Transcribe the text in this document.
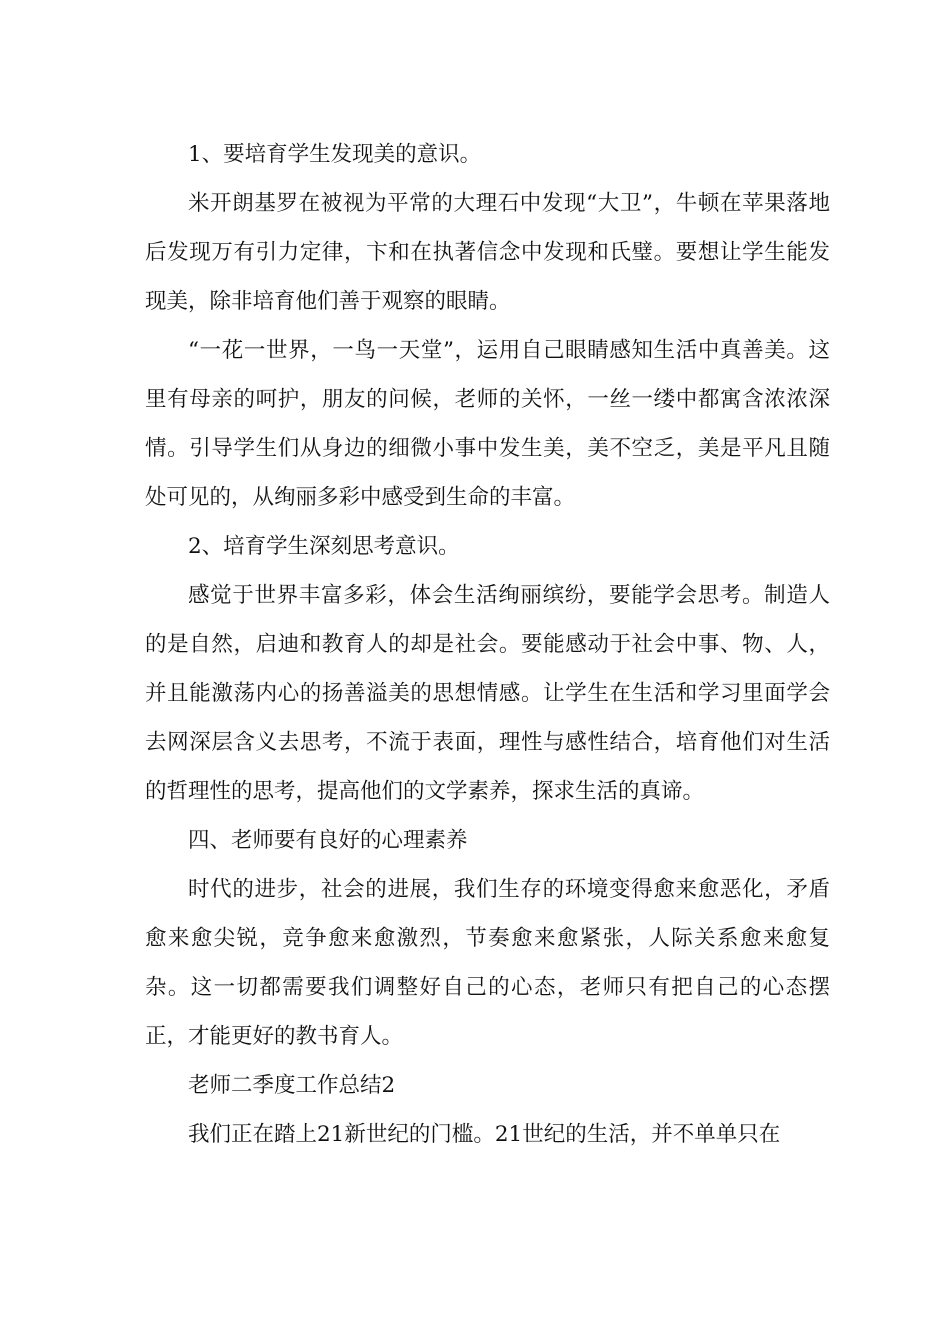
1、要培育学生发现美的意识。

米开朗基罗在被视为平常的大理石中发现“大卫”，牛顿在苹果落地后发现万有引力定律，卞和在执著信念中发现和氏璧。要想让学生能发现美，除非培育他们善于观察的眼睛。

“一花一世界，一鸟一天堂”，运用自己眼睛感知生活中真善美。这里有母亲的呵护，朋友的问候，老师的关怀，一丝一缕中都寓含浓浓深情。引导学生们从身边的细微小事中发生美，美不空乏，美是平凡且随处可见的，从绚丽多彩中感受到生命的丰富。

2、培育学生深刻思考意识。

感觉于世界丰富多彩，体会生活绚丽缤纷，要能学会思考。制造人的是自然，启迪和教育人的却是社会。要能感动于社会中事、物、人，并且能激荡内心的扬善溢美的思想情感。让学生在生活和学习里面学会去网深层含义去思考，不流于表面，理性与感性结合，培育他们对生活的哲理性的思考，提高他们的文学素养，探求生活的真谛。

四、老师要有良好的心理素养

时代的进步，社会的进展，我们生存的环境变得愈来愈恶化，矛盾愈来愈尖锐，竞争愈来愈激烈，节奏愈来愈紧张，人际关系愈来愈复杂。这一切都需要我们调整好自己的心态，老师只有把自己的心态摆正，才能更好的教书育人。

老师二季度工作总结2

我们正在踏上21新世纪的门槛。21世纪的生活，并不单单只在
